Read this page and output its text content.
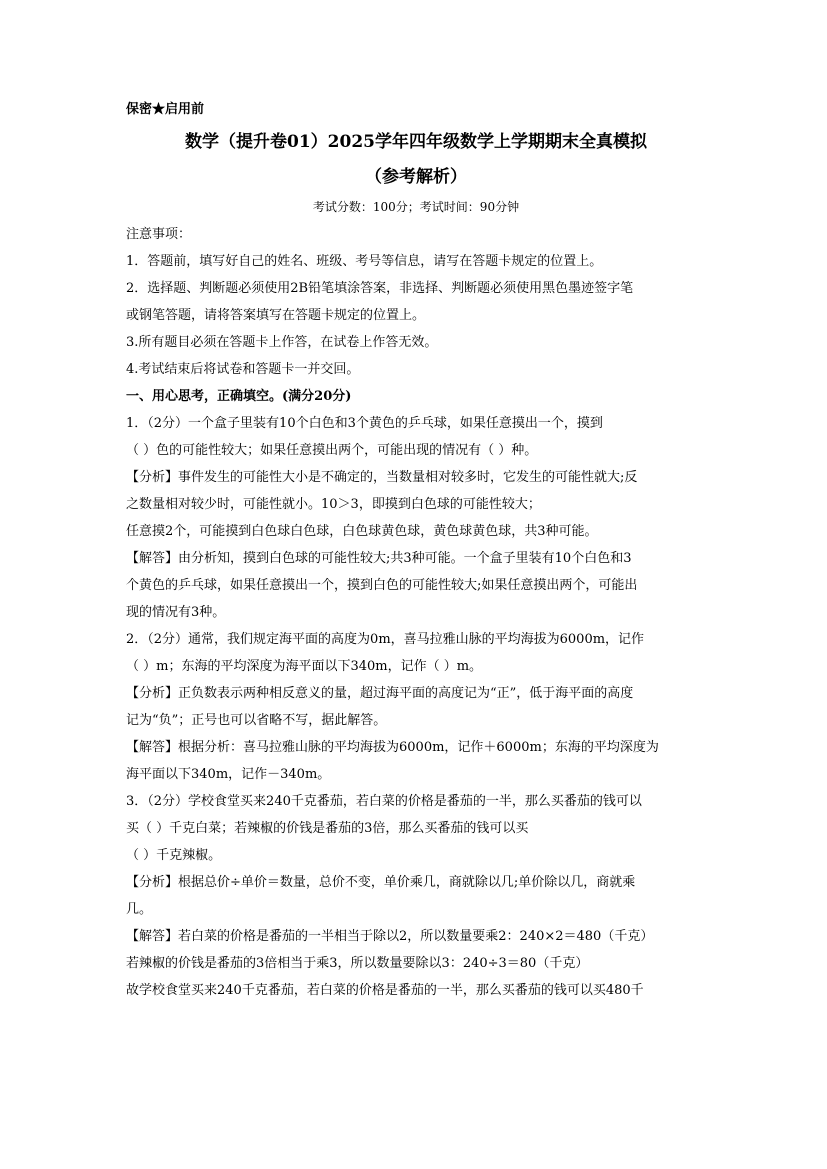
保密★启用前

数学（提升卷01）2025学年四年级数学上学期期末全真模拟
（参考解析）
考试分数：100分；考试时间：90分钟

注意事项：

1．答题前，填写好自己的姓名、班级、考号等信息，请写在答题卡规定的位置上。

2．选择题、判断题必须使用2B铅笔填涂答案，非选择、判断题必须使用黑色墨迹签字笔

或钢笔答题，请将答案填写在答题卡规定的位置上。

3.所有题目必须在答题卡上作答，在试卷上作答无效。

4.考试结束后将试卷和答题卡一并交回。

一、用心思考，正确填空。(满分20分)

1．（2分）一个盒子里装有10个白色和3个黄色的乒乓球，如果任意摸出一个，摸到

（ ）色的可能性较大；如果任意摸出两个，可能出现的情况有（ ）种。

【分析】事件发生的可能性大小是不确定的，当数量相对较多时，它发生的可能性就大;反

之数量相对较少时，可能性就小。10＞3，即摸到白色球的可能性较大；

任意摸2个，可能摸到白色球白色球，白色球黄色球，黄色球黄色球，共3种可能。

【解答】由分析知，摸到白色球的可能性较大;共3种可能。一个盒子里装有10个白色和3

个黄色的乒乓球，如果任意摸出一个，摸到白色的可能性较大;如果任意摸出两个，可能出

现的情况有3种。

2．（2分）通常，我们规定海平面的高度为0m，喜马拉雅山脉的平均海拔为6000m，记作

（ ）m；东海的平均深度为海平面以下340m，记作（ ）m。

【分析】正负数表示两种相反意义的量，超过海平面的高度记为“正”，低于海平面的高度

记为“负”；正号也可以省略不写，据此解答。

【解答】根据分析：喜马拉雅山脉的平均海拔为6000m，记作＋6000m；东海的平均深度为

海平面以下340m，记作－340m。

3．（2分）学校食堂买来240千克番茄，若白菜的价格是番茄的一半，那么买番茄的钱可以

买（ ）千克白菜；若辣椒的价钱是番茄的3倍，那么买番茄的钱可以买

（ ）千克辣椒。

【分析】根据总价÷单价＝数量，总价不变，单价乘几，商就除以几;单价除以几，商就乘

几。

【解答】若白菜的价格是番茄的一半相当于除以2，所以数量要乘2：240×2＝480（千克）

若辣椒的价钱是番茄的3倍相当于乘3，所以数量要除以3：240÷3＝80（千克）

故学校食堂买来240千克番茄，若白菜的价格是番茄的一半，那么买番茄的钱可以买480千
